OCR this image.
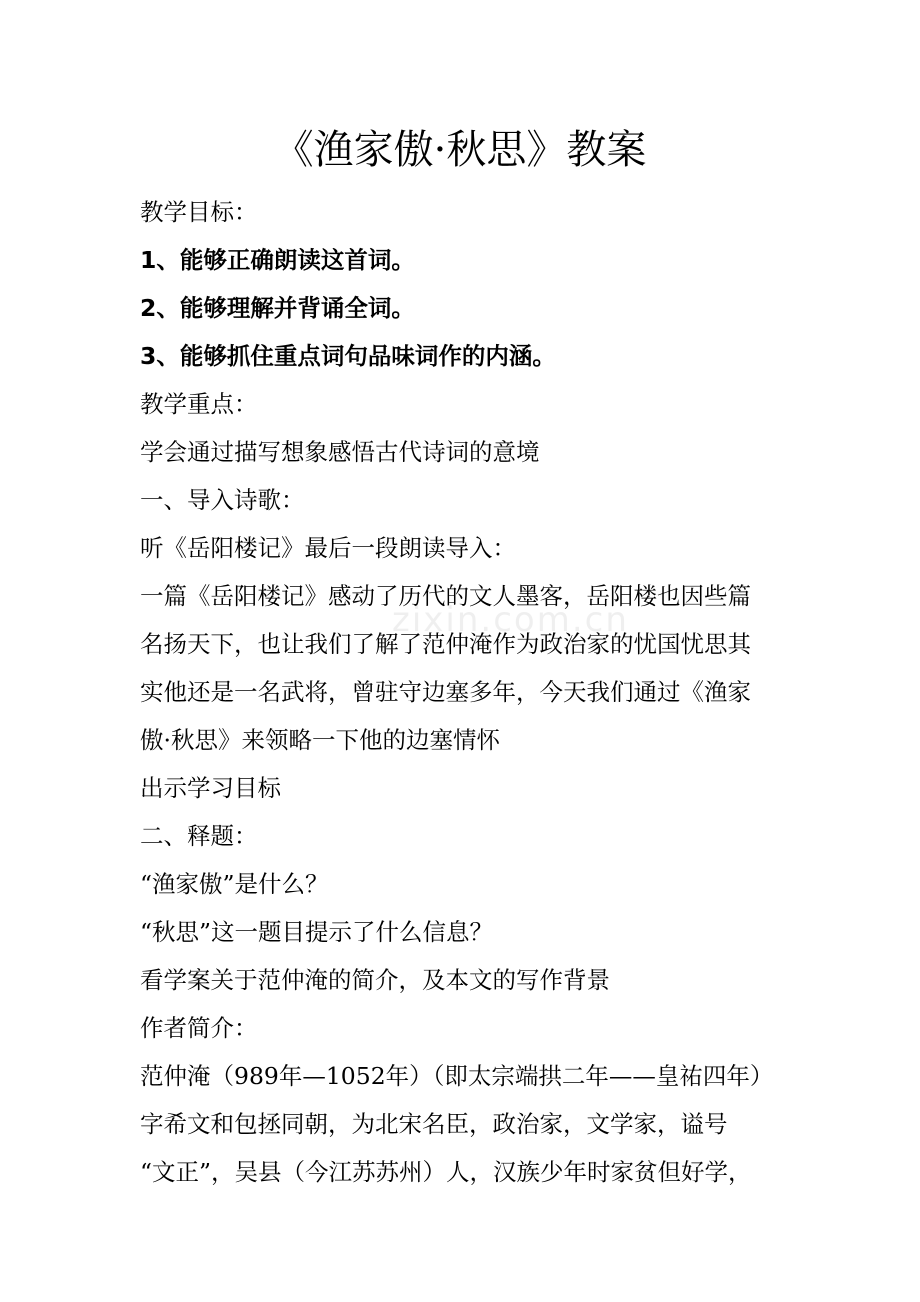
zixin.com.cn
《渔家傲·秋思》教案
教学目标：
1、能够正确朗读这首词。
2、能够理解并背诵全词。
3、能够抓住重点词句品味词作的内涵。
教学重点：
学会通过描写想象感悟古代诗词的意境
一、导入诗歌：
听《岳阳楼记》最后一段朗读导入：
一篇《岳阳楼记》感动了历代的文人墨客，岳阳楼也因些篇
名扬天下，也让我们了解了范仲淹作为政治家的忧国忧思其
实他还是一名武将，曾驻守边塞多年，今天我们通过《渔家
傲·秋思》来领略一下他的边塞情怀
出示学习目标
二、释题：
“渔家傲”是什么？
“秋思”这一题目提示了什么信息？
看学案关于范仲淹的简介，及本文的写作背景
作者简介：
范仲淹（989年—1052年）（即太宗端拱二年——皇祐四年）
字希文和包拯同朝，为北宋名臣，政治家，文学家，谥号
“文正”，吴县（今江苏苏州）人，汉族少年时家贫但好学，
